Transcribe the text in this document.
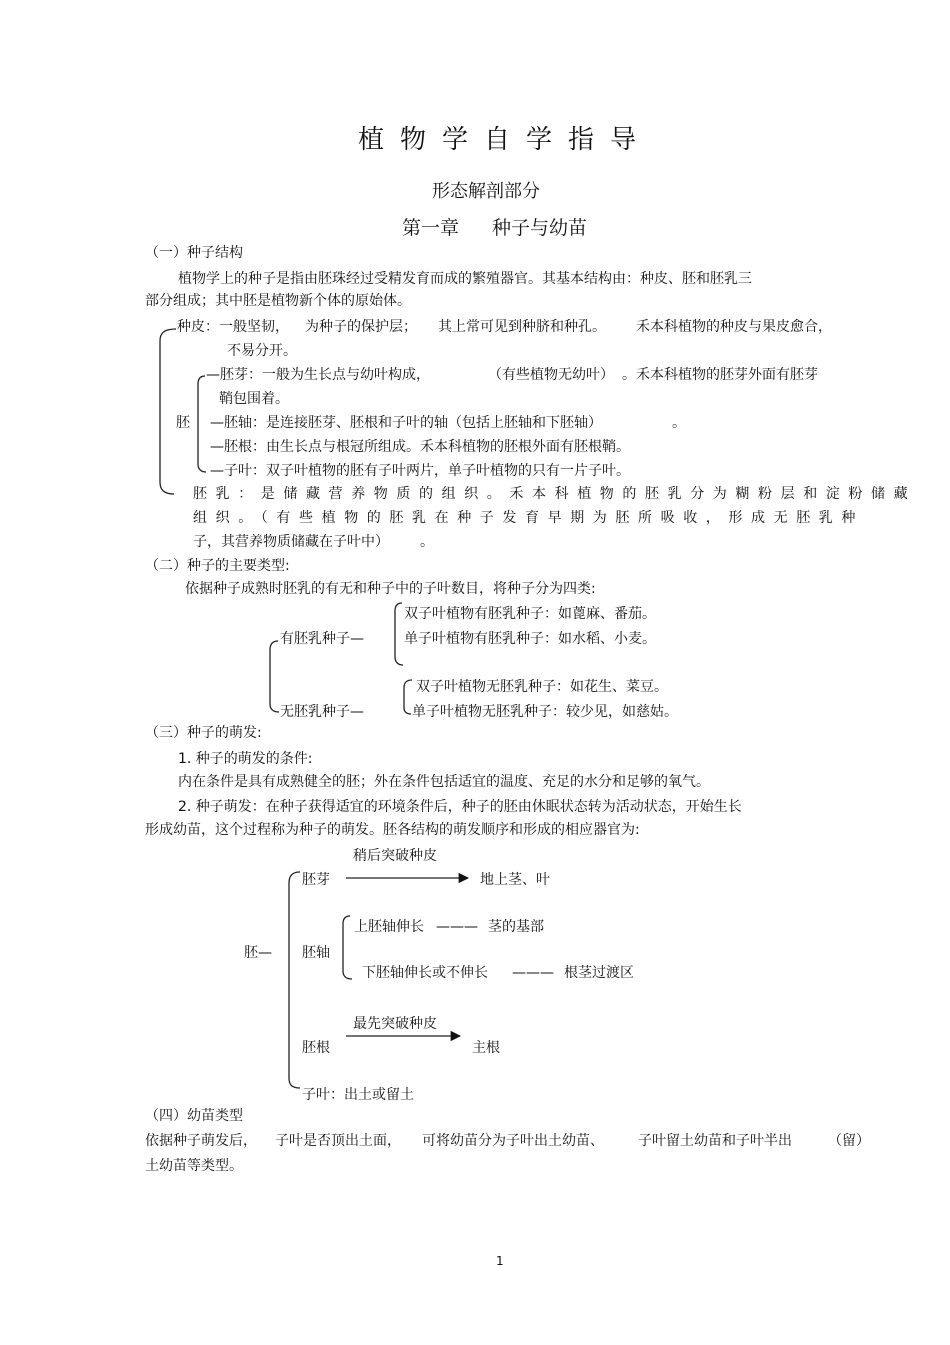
植物学自学指导
形态解剖部分
第一章 种子与幼苗
（一）种子结构
植物学上的种子是指由胚珠经过受精发育而成的繁殖器官。其基本结构由：种皮、胚和胚乳三
部分组成；其中胚是植物新个体的原始体。
种皮：一般坚韧， 为种子的保护层； 其上常可见到种脐和种孔。 禾本科植物的种皮与果皮愈合，
不易分开。
—胚芽：一般为生长点与幼叶构成，	（有些植物无幼叶） 。禾本科植物的胚芽外面有胚芽
鞘包围着。
胚 —胚轴：是连接胚芽、胚根和子叶的轴（包括上胚轴和下胚轴）	。
—胚根：由生长点与根冠所组成。禾本科植物的胚根外面有胚根鞘。
—子叶：双子叶植物的胚有子叶两片，单子叶植物的只有一片子叶。
胚乳：是储藏营养物质的组织。禾本科植物的胚乳分为糊粉层和淀粉储藏
组织。（有些植物的胚乳在种子发育早期为胚所吸收，形成无胚乳种
子，其营养物质储藏在子叶中） 。
（二）种子的主要类型:
依据种子成熟时胚乳的有无和种子中的子叶数目，将种子分为四类:
双子叶植物有胚乳种子：如蓖麻、番茄。
有胚乳种子—	单子叶植物有胚乳种子：如水稻、小麦。
双子叶植物无胚乳种子：如花生、菜豆。
无胚乳种子—	单子叶植物无胚乳种子：较少见，如慈姑。
（三）种子的萌发:
1. 种子的萌发的条件:
内在条件是具有成熟健全的胚；外在条件包括适宜的温度、充足的水分和足够的氧气。
2. 种子萌发：在种子获得适宜的环境条件后，种子的胚由休眠状态转为活动状态，开始生长
形成幼苗，这个过程称为种子的萌发。胚各结构的萌发顺序和形成的相应器官为:
稍后突破种皮
胚芽	地上茎、叶
上胚轴伸长 ——— 茎的基部
胚— 胚轴
下胚轴伸长或不伸长 ——— 根茎过渡区
最先突破种皮
胚根	主根
子叶：出土或留土
（四）幼苗类型
依据种子萌发后， 子叶是否顶出土面， 可将幼苗分为子叶出土幼苗、 子叶留土幼苗和子叶半出	（留）
土幼苗等类型。
1
